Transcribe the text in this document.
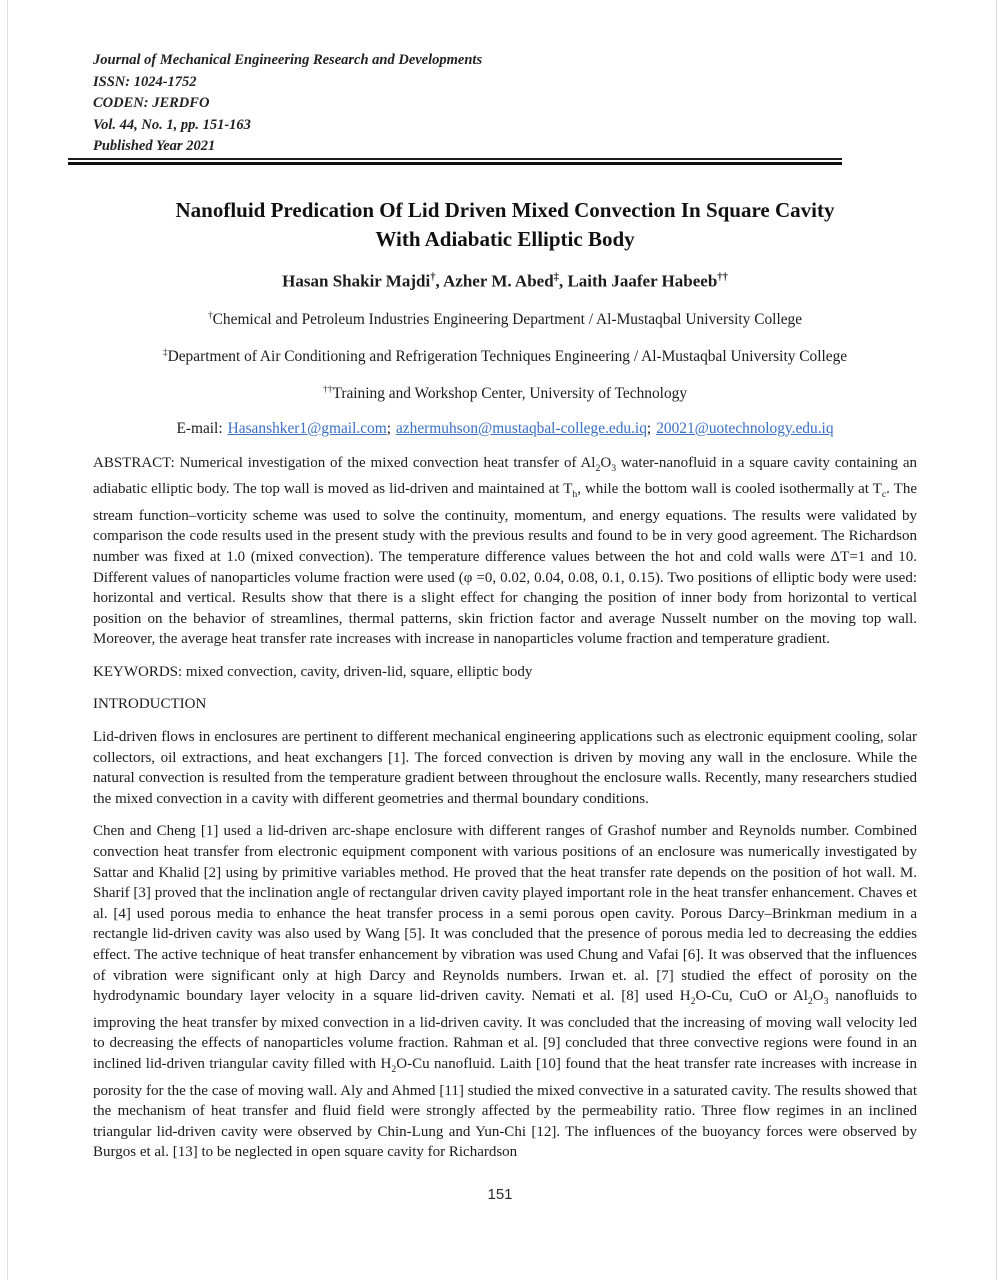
Journal of Mechanical Engineering Research and Developments
ISSN: 1024-1752
CODEN: JERDFO
Vol. 44, No. 1, pp. 151-163
Published Year 2021
Nanofluid Predication Of Lid Driven Mixed Convection In Square Cavity With Adiabatic Elliptic Body
Hasan Shakir Majdi†, Azher M. Abed‡, Laith Jaafer Habeeb††
†Chemical and Petroleum Industries Engineering Department / Al-Mustaqbal University College
‡Department of Air Conditioning and Refrigeration Techniques Engineering / Al-Mustaqbal University College
††Training and Workshop Center, University of Technology
E-mail: Hasanshker1@gmail.com; azhermuhson@mustaqbal-college.edu.iq; 20021@uotechnology.edu.iq
ABSTRACT: Numerical investigation of the mixed convection heat transfer of $Al_2O_3$ water-nanofluid in a square cavity containing an adiabatic elliptic body. The top wall is moved as lid-driven and maintained at $T_h$, while the bottom wall is cooled isothermally at $T_c$. The stream function–vorticity scheme was used to solve the continuity, momentum, and energy equations. The results were validated by comparison the code results used in the present study with the previous results and found to be in very good agreement. The Richardson number was fixed at 1.0 (mixed convection). The temperature difference values between the hot and cold walls were ΔT=1 and 10. Different values of nanoparticles volume fraction were used (φ =0, 0.02, 0.04, 0.08, 0.1, 0.15). Two positions of elliptic body were used: horizontal and vertical. Results show that there is a slight effect for changing the position of inner body from horizontal to vertical position on the behavior of streamlines, thermal patterns, skin friction factor and average Nusselt number on the moving top wall. Moreover, the average heat transfer rate increases with increase in nanoparticles volume fraction and temperature gradient.
KEYWORDS: mixed convection, cavity, driven-lid, square, elliptic body
INTRODUCTION
Lid-driven flows in enclosures are pertinent to different mechanical engineering applications such as electronic equipment cooling, solar collectors, oil extractions, and heat exchangers [1]. The forced convection is driven by moving any wall in the enclosure. While the natural convection is resulted from the temperature gradient between throughout the enclosure walls. Recently, many researchers studied the mixed convection in a cavity with different geometries and thermal boundary conditions.
Chen and Cheng [1] used a lid-driven arc-shape enclosure with different ranges of Grashof number and Reynolds number. Combined convection heat transfer from electronic equipment component with various positions of an enclosure was numerically investigated by Sattar and Khalid [2] using by primitive variables method. He proved that the heat transfer rate depends on the position of hot wall. M. Sharif [3] proved that the inclination angle of rectangular driven cavity played important role in the heat transfer enhancement. Chaves et al. [4] used porous media to enhance the heat transfer process in a semi porous open cavity. Porous Darcy–Brinkman medium in a rectangle lid-driven cavity was also used by Wang [5]. It was concluded that the presence of porous media led to decreasing the eddies effect. The active technique of heat transfer enhancement by vibration was used Chung and Vafai [6]. It was observed that the influences of vibration were significant only at high Darcy and Reynolds numbers. Irwan et. al. [7] studied the effect of porosity on the hydrodynamic boundary layer velocity in a square lid-driven cavity. Nemati et al. [8] used $H_2O-Cu$, CuO or $Al_2O_3$ nanofluids to improving the heat transfer by mixed convection in a lid-driven cavity. It was concluded that the increasing of moving wall velocity led to decreasing the effects of nanoparticles volume fraction. Rahman et al. [9] concluded that three convective regions were found in an inclined lid-driven triangular cavity filled with $H_2O-Cu$ nanofluid. Laith [10] found that the heat transfer rate increases with increase in porosity for the the case of moving wall. Aly and Ahmed [11] studied the mixed convective in a saturated cavity. The results showed that the mechanism of heat transfer and fluid field were strongly affected by the permeability ratio. Three flow regimes in an inclined triangular lid-driven cavity were observed by Chin-Lung and Yun-Chi [12]. The influences of the buoyancy forces were observed by Burgos et al. [13] to be neglected in open square cavity for Richardson
151
